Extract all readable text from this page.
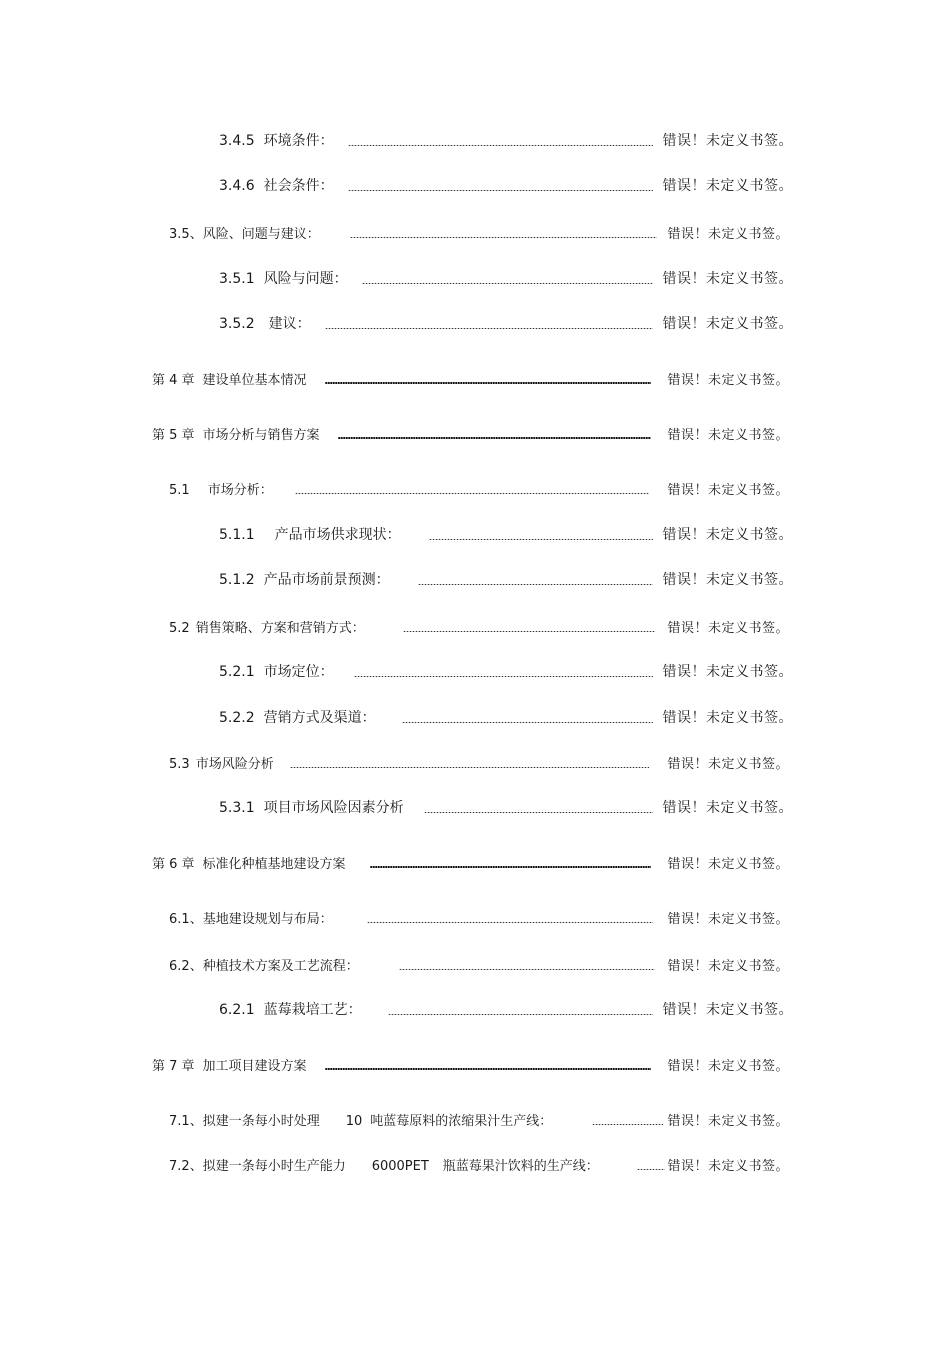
3.4.5 环境条件：	错误！未定义书签。
3.4.6 社会条件：	错误！未定义书签。
3.5、风险、问题与建议：	错误！未定义书签。
3.5.1 风险与问题：	错误！未定义书签。
3.5.2 建议：	错误！未定义书签。
第 4 章 建设单位基本情况	错误！未定义书签。
第 5 章 市场分析与销售方案	错误！未定义书签。
5.1 市场分析：	错误！未定义书签。
5.1.1 产品市场供求现状：	错误！未定义书签。
5.1.2 产品市场前景预测：	错误！未定义书签。
5.2 销售策略、方案和营销方式：	错误！未定义书签。
5.2.1 市场定位：	错误！未定义书签。
5.2.2 营销方式及渠道：	错误！未定义书签。
5.3 市场风险分析	错误！未定义书签。
5.3.1 项目市场风险因素分析	错误！未定义书签。
第 6 章 标准化种植基地建设方案	错误！未定义书签。
6.1、基地建设规划与布局：	错误！未定义书签。
6.2、种植技术方案及工艺流程：	错误！未定义书签。
6.2.1 蓝莓栽培工艺：	错误！未定义书签。
第 7 章 加工项目建设方案	错误！未定义书签。
7.1、拟建一条每小时处理 10 吨蓝莓原料的浓缩果汁生产线：	错误！未定义书签。
7.2、拟建一条每小时生产能力 6000PET 瓶蓝莓果汁饮料的生产线：	错误！未定义书签。
